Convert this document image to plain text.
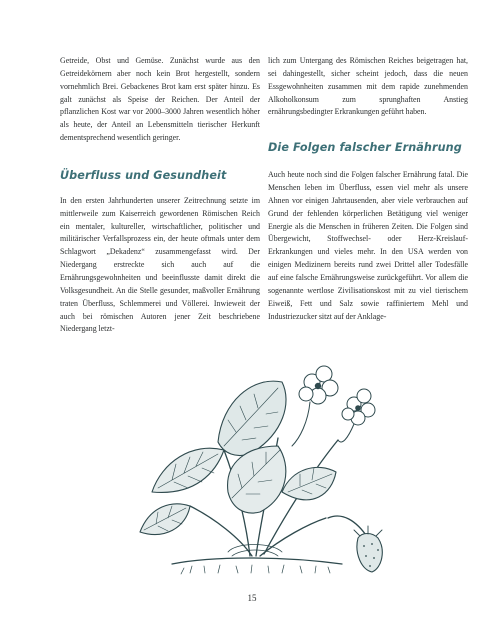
Getreide, Obst und Gemüse. Zunächst wurde aus den Getreidekörnern aber noch kein Brot hergestellt, sondern vornehmlich Brei. Gebackenes Brot kam erst später hinzu. Es galt zunächst als Speise der Reichen. Der Anteil der pflanzlichen Kost war vor 2000–3000 Jahren wesentlich höher als heute, der Anteil an Lebensmitteln tierischer Herkunft dementsprechend wesentlich geringer.

Überfluss und Gesundheit

In den ersten Jahrhunderten unserer Zeitrechnung setzte im mittlerweile zum Kaiserreich gewordenen Römischen Reich ein mentaler, kultureller, wirtschaftlicher, politischer und militärischer Verfallsprozess ein, der heute oftmals unter dem Schlagwort „Dekadenz“ zusammengefasst wird. Der Niedergang erstreckte sich auch auf die Ernährungsgewohnheiten und beeinflusste damit direkt die Volksgesundheit. An die Stelle gesunder, maßvoller Ernährung traten Überfluss, Schlemmerei und Völlerei. Inwieweit der auch bei römischen Autoren jener Zeit beschriebene Niedergang letzt-

lich zum Untergang des Römischen Reiches beigetragen hat, sei dahingestellt, sicher scheint jedoch, dass die neuen Essgewohnheiten zusammen mit dem rapide zunehmenden Alkoholkonsum zum sprunghaften Anstieg ernährungsbedingter Erkrankungen geführt haben.

Die Folgen falscher Ernährung

Auch heute noch sind die Folgen falscher Ernährung fatal. Die Menschen leben im Überfluss, essen viel mehr als unsere Ahnen vor einigen Jahrtausenden, aber viele verbrauchen auf Grund der fehlenden körperlichen Betätigung viel weniger Energie als die Menschen in früheren Zeiten. Die Folgen sind Übergewicht, Stoffwechsel- oder Herz-Kreislauf-Erkrankungen und vieles mehr. In den USA werden von einigen Medizinern bereits rund zwei Drittel aller Todesfälle auf eine falsche Ernährungsweise zurückgeführt. Vor allem die sogenannte wertlose Zivilisationskost mit zu viel tierischem Eiweiß, Fett und Salz sowie raffiniertem Mehl und Industriezucker sitzt auf der Anklage-

15
